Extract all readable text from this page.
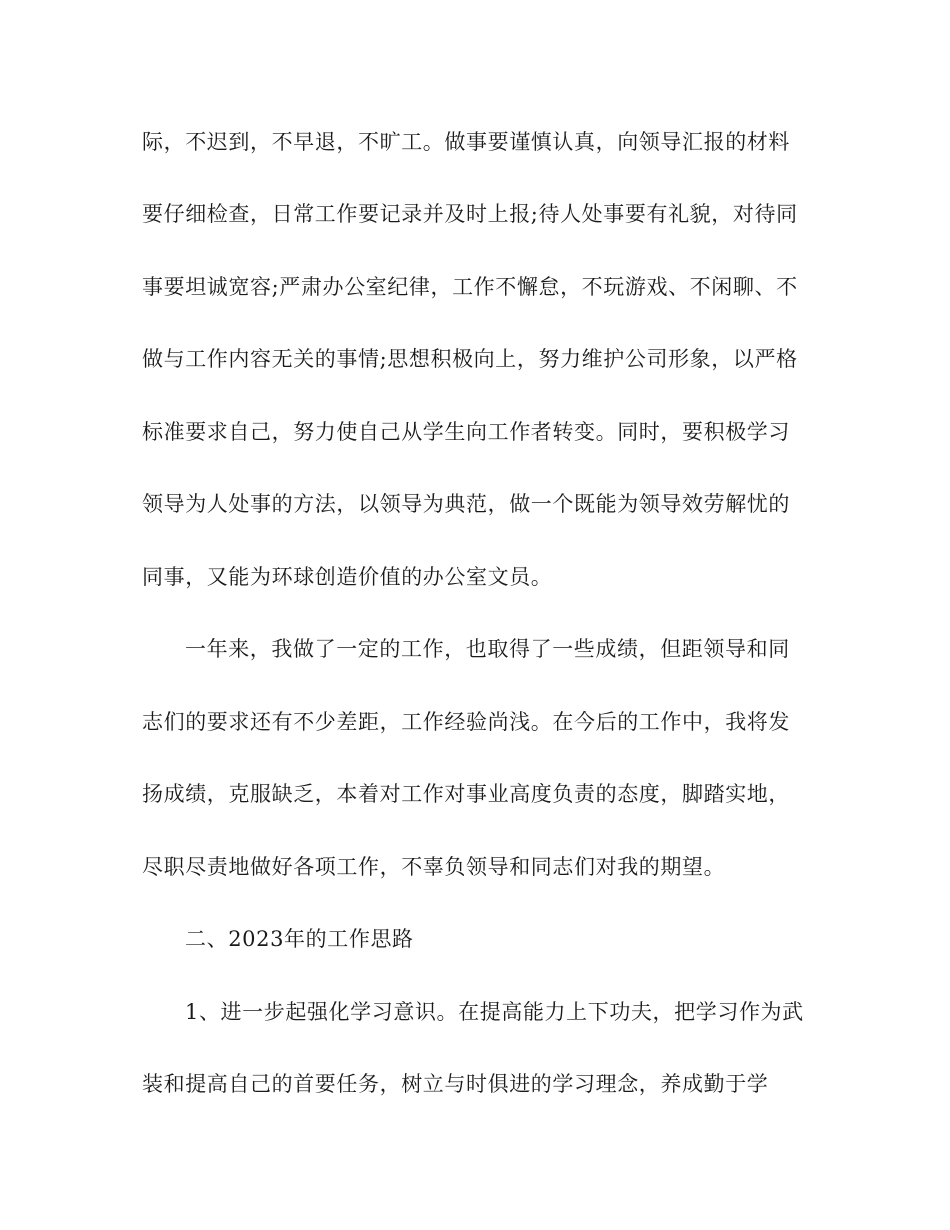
际，不迟到，不早退，不旷工。做事要谨慎认真，向领导汇报的材料

要仔细检查，日常工作要记录并及时上报;待人处事要有礼貌，对待同

事要坦诚宽容;严肃办公室纪律，工作不懈怠，不玩游戏、不闲聊、不

做与工作内容无关的事情;思想积极向上，努力维护公司形象，以严格

标准要求自己，努力使自己从学生向工作者转变。同时，要积极学习

领导为人处事的方法，以领导为典范，做一个既能为领导效劳解忧的

同事，又能为环球创造价值的办公室文员。

一年来，我做了一定的工作，也取得了一些成绩，但距领导和同

志们的要求还有不少差距，工作经验尚浅。在今后的工作中，我将发

扬成绩，克服缺乏，本着对工作对事业高度负责的态度，脚踏实地，

尽职尽责地做好各项工作，不辜负领导和同志们对我的期望。

二、2023年的工作思路

1、进一步起强化学习意识。在提高能力上下功夫，把学习作为武

装和提高自己的首要任务，树立与时俱进的学习理念，养成勤于学
